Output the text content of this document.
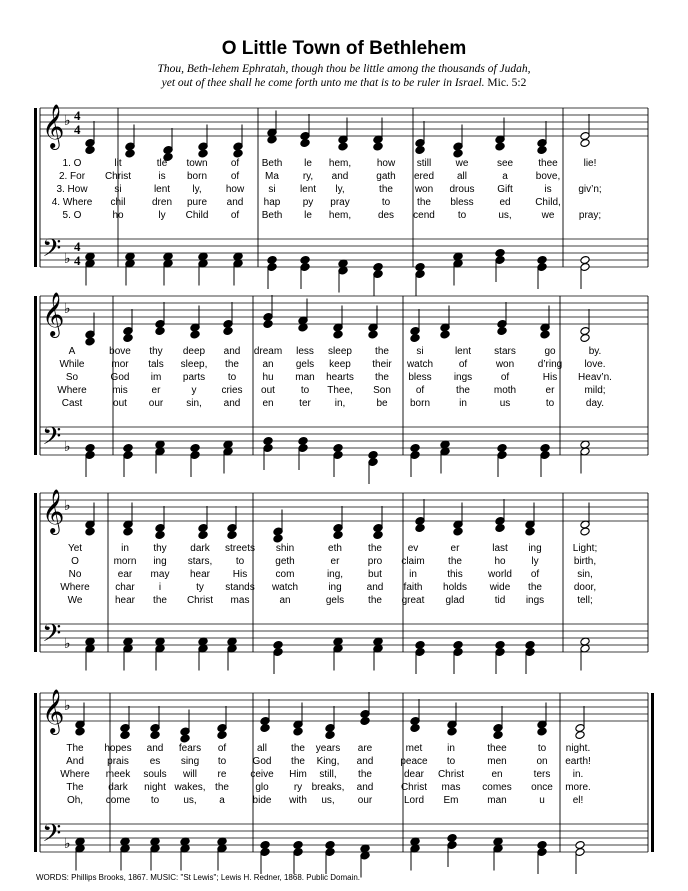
O Little Town of Bethlehem
Thou, Beth-lehem Ephratah, though thou be little among the thousands of Judah,
yet out of thee shall he come forth unto me that is to be ruler in Israel. Mic. 5:2
𝄞
𝄢
♭
♭
4
4
4
4
1. O	lit	tle town of Beth le hem,	how still we	see	thee	lie!
2. For Christ	is born of	Ma ry, and	gath ered all	a	bove,
3. How	si	lent ly, how si lent ly,	the won drous Gift	is	giv’n;
4. Where chil	dren pure and hap py pray	to	the bless	ed Child,
5. O	ho	ly Child of Beth le hem,	des cend to	us,	we pray;
𝄞
𝄢
♭
♭
A	bove thy deep and dream less sleep the	si	lent stars	go	by.
While	mor tals sleep, the an gels keep their watch	of	won d’ring love.
So	God im parts to	hu man hearts the bless ings	of	His Heav’n.
Where	mis er	y cries out	to Thee, Son of	the moth	er	mild;
Cast	out our sin, and en	ter in,	be born	in	us	to	day.
𝄞
𝄢
♭
♭
Yet	in thy dark streets shin	eth	the	ev	er	last ing	Light;
O	morn ing stars, to	geth	er	pro claim the	ho	ly	birth,
No	ear may hear His	com	ing, but	in	this	world of	sin,
Where	char i	ty stands watch	ing and faith holds wide the	door,
We	hear the Christ mas	an	gels the great glad	tid ings	tell;
𝄞
𝄢
♭
♭
The hopes and fears of	all the years are	met in	thee	to night.
And prais es sing to	God the King, and	peace to	men	on earth!
Where meek souls will re ceive Him still, the	dear Christ	en	ters in.
The dark night wakes, the	glo	ry breaks, and	Christ mas comes once more.
Oh, come to us, a	bide with us, our	Lord Em	man	u	el!
WORDS: Phillips Brooks, 1867. MUSIC: "St Lewis"; Lewis H. Redner, 1868. Public Domain.
